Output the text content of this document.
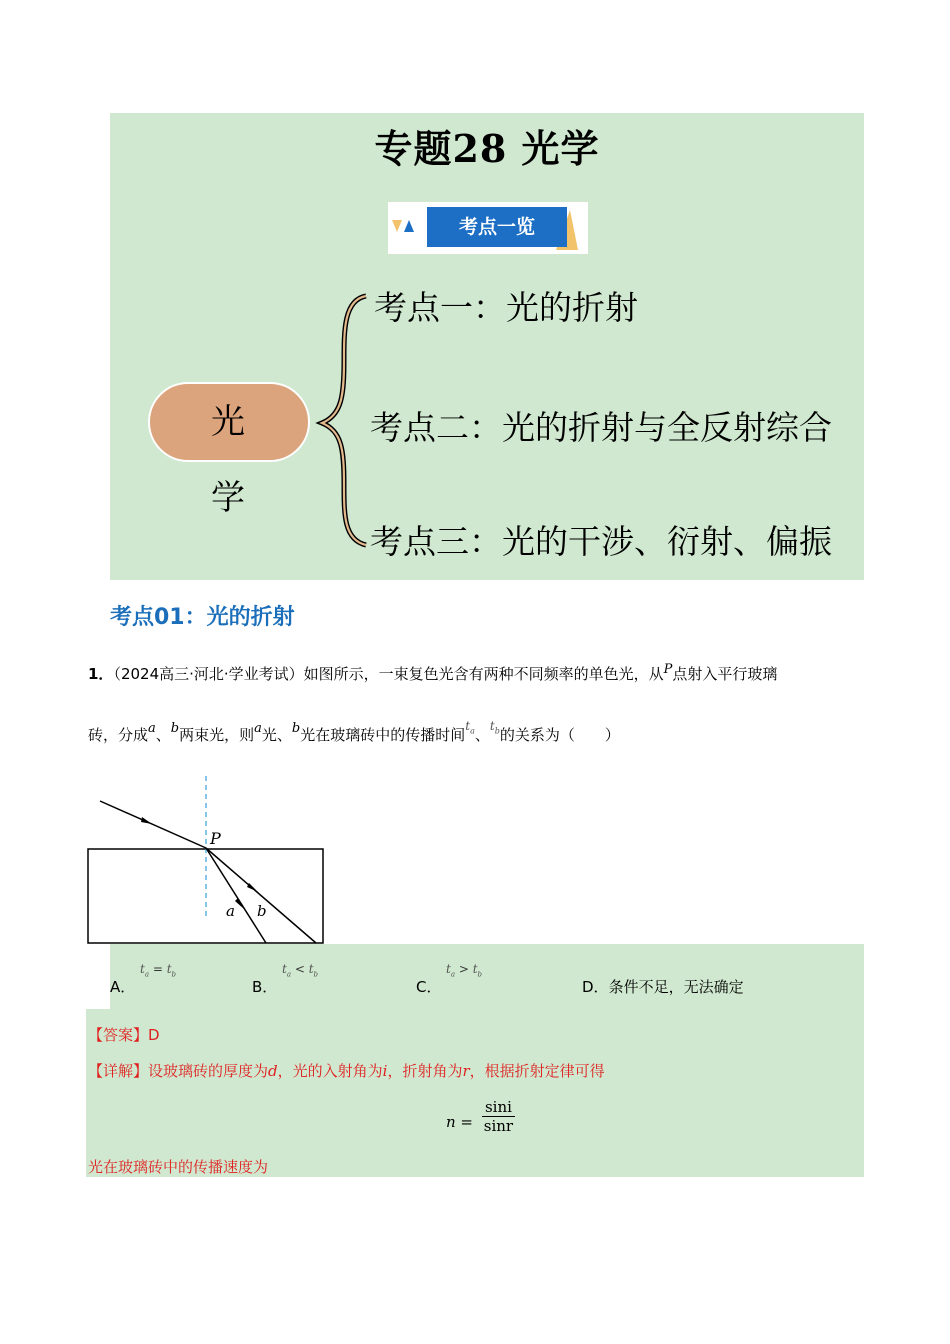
专题28 光学
考点一览
光 学
考点一：光的折射
考点二：光的折射与全反射综合
考点三：光的干涉、衍射、偏振
考点01：光的折射
1．（2024高三·河北·学业考试）如图所示，一束复色光含有两种不同频率的单色光，从P点射入平行玻璃
砖，分成a、b两束光，则a光、b光在玻璃砖中的传播时间$^{t_a}$、$^{t_b}$的关系为（　　）
P
a b
A．
$t_a = t_b$
B．
$t_a < t_b$
C．
$t_a > t_b$
D．条件不足，无法确定
【答案】D
【详解】设玻璃砖的厚度为d，光的入射角为i，折射角为r，根据折射定律可得
$n = \frac{\sin i}{\sin r}$
光在玻璃砖中的传播速度为
